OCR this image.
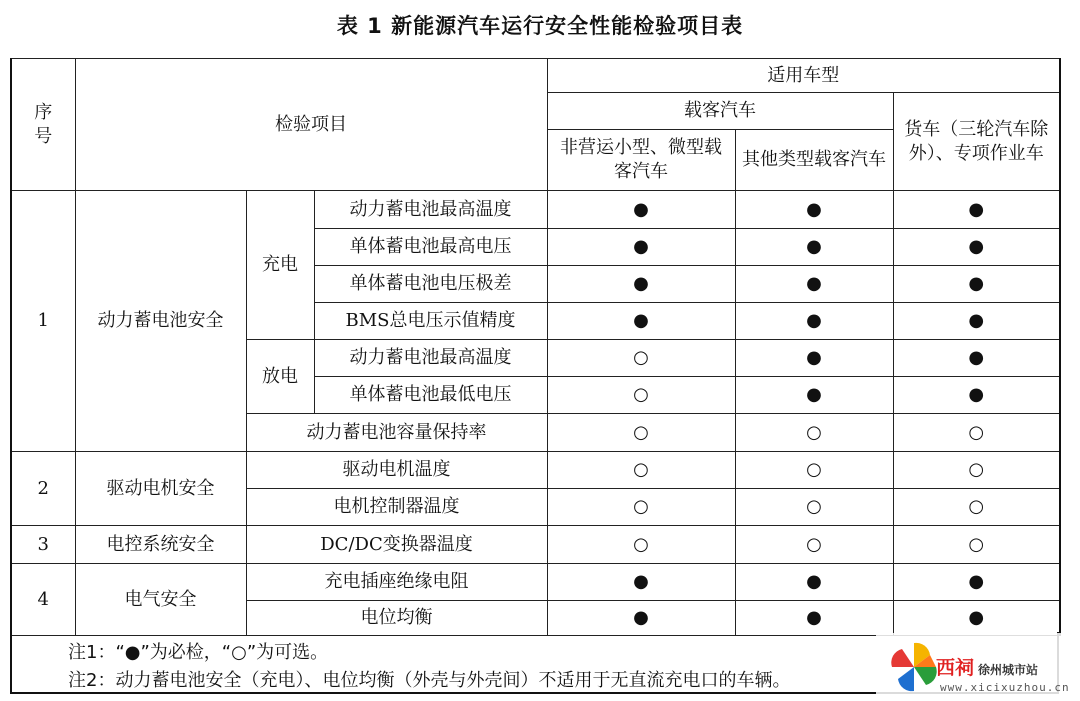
表 1 新能源汽车运行安全性能检验项目表
序
号	检验项目			适用车型		
				载客汽车		货车（三轮汽车除外）、专项作业车
				非营运小型、微型载客汽车	其他类型载客汽车	
1	动力蓄电池安全	充电	动力蓄电池最高温度	●	●	●
			单体蓄电池最高电压	●	●	●
			单体蓄电池电压极差	●	●	●
			BMS总电压示值精度	●	●	●
		放电	动力蓄电池最高温度	○	●	●
			单体蓄电池最低电压	○	●	●
		动力蓄电池容量保持率		○	○	○
2	驱动电机安全	驱动电机温度		○	○	○
		电机控制器温度		○	○	○
3	电控系统安全	DC/DC变换器温度		○	○	○
4	电气安全	充电插座绝缘电阻		●	●	●
		电位均衡		●	●	●
注1：“●”为必检，“○”为可选。
注2：动力蓄电池安全（充电）、电位均衡（外壳与外壳间）不适用于无直流充电口的车辆。
西祠 徐州城市站
www.xicixuzhou.cn
